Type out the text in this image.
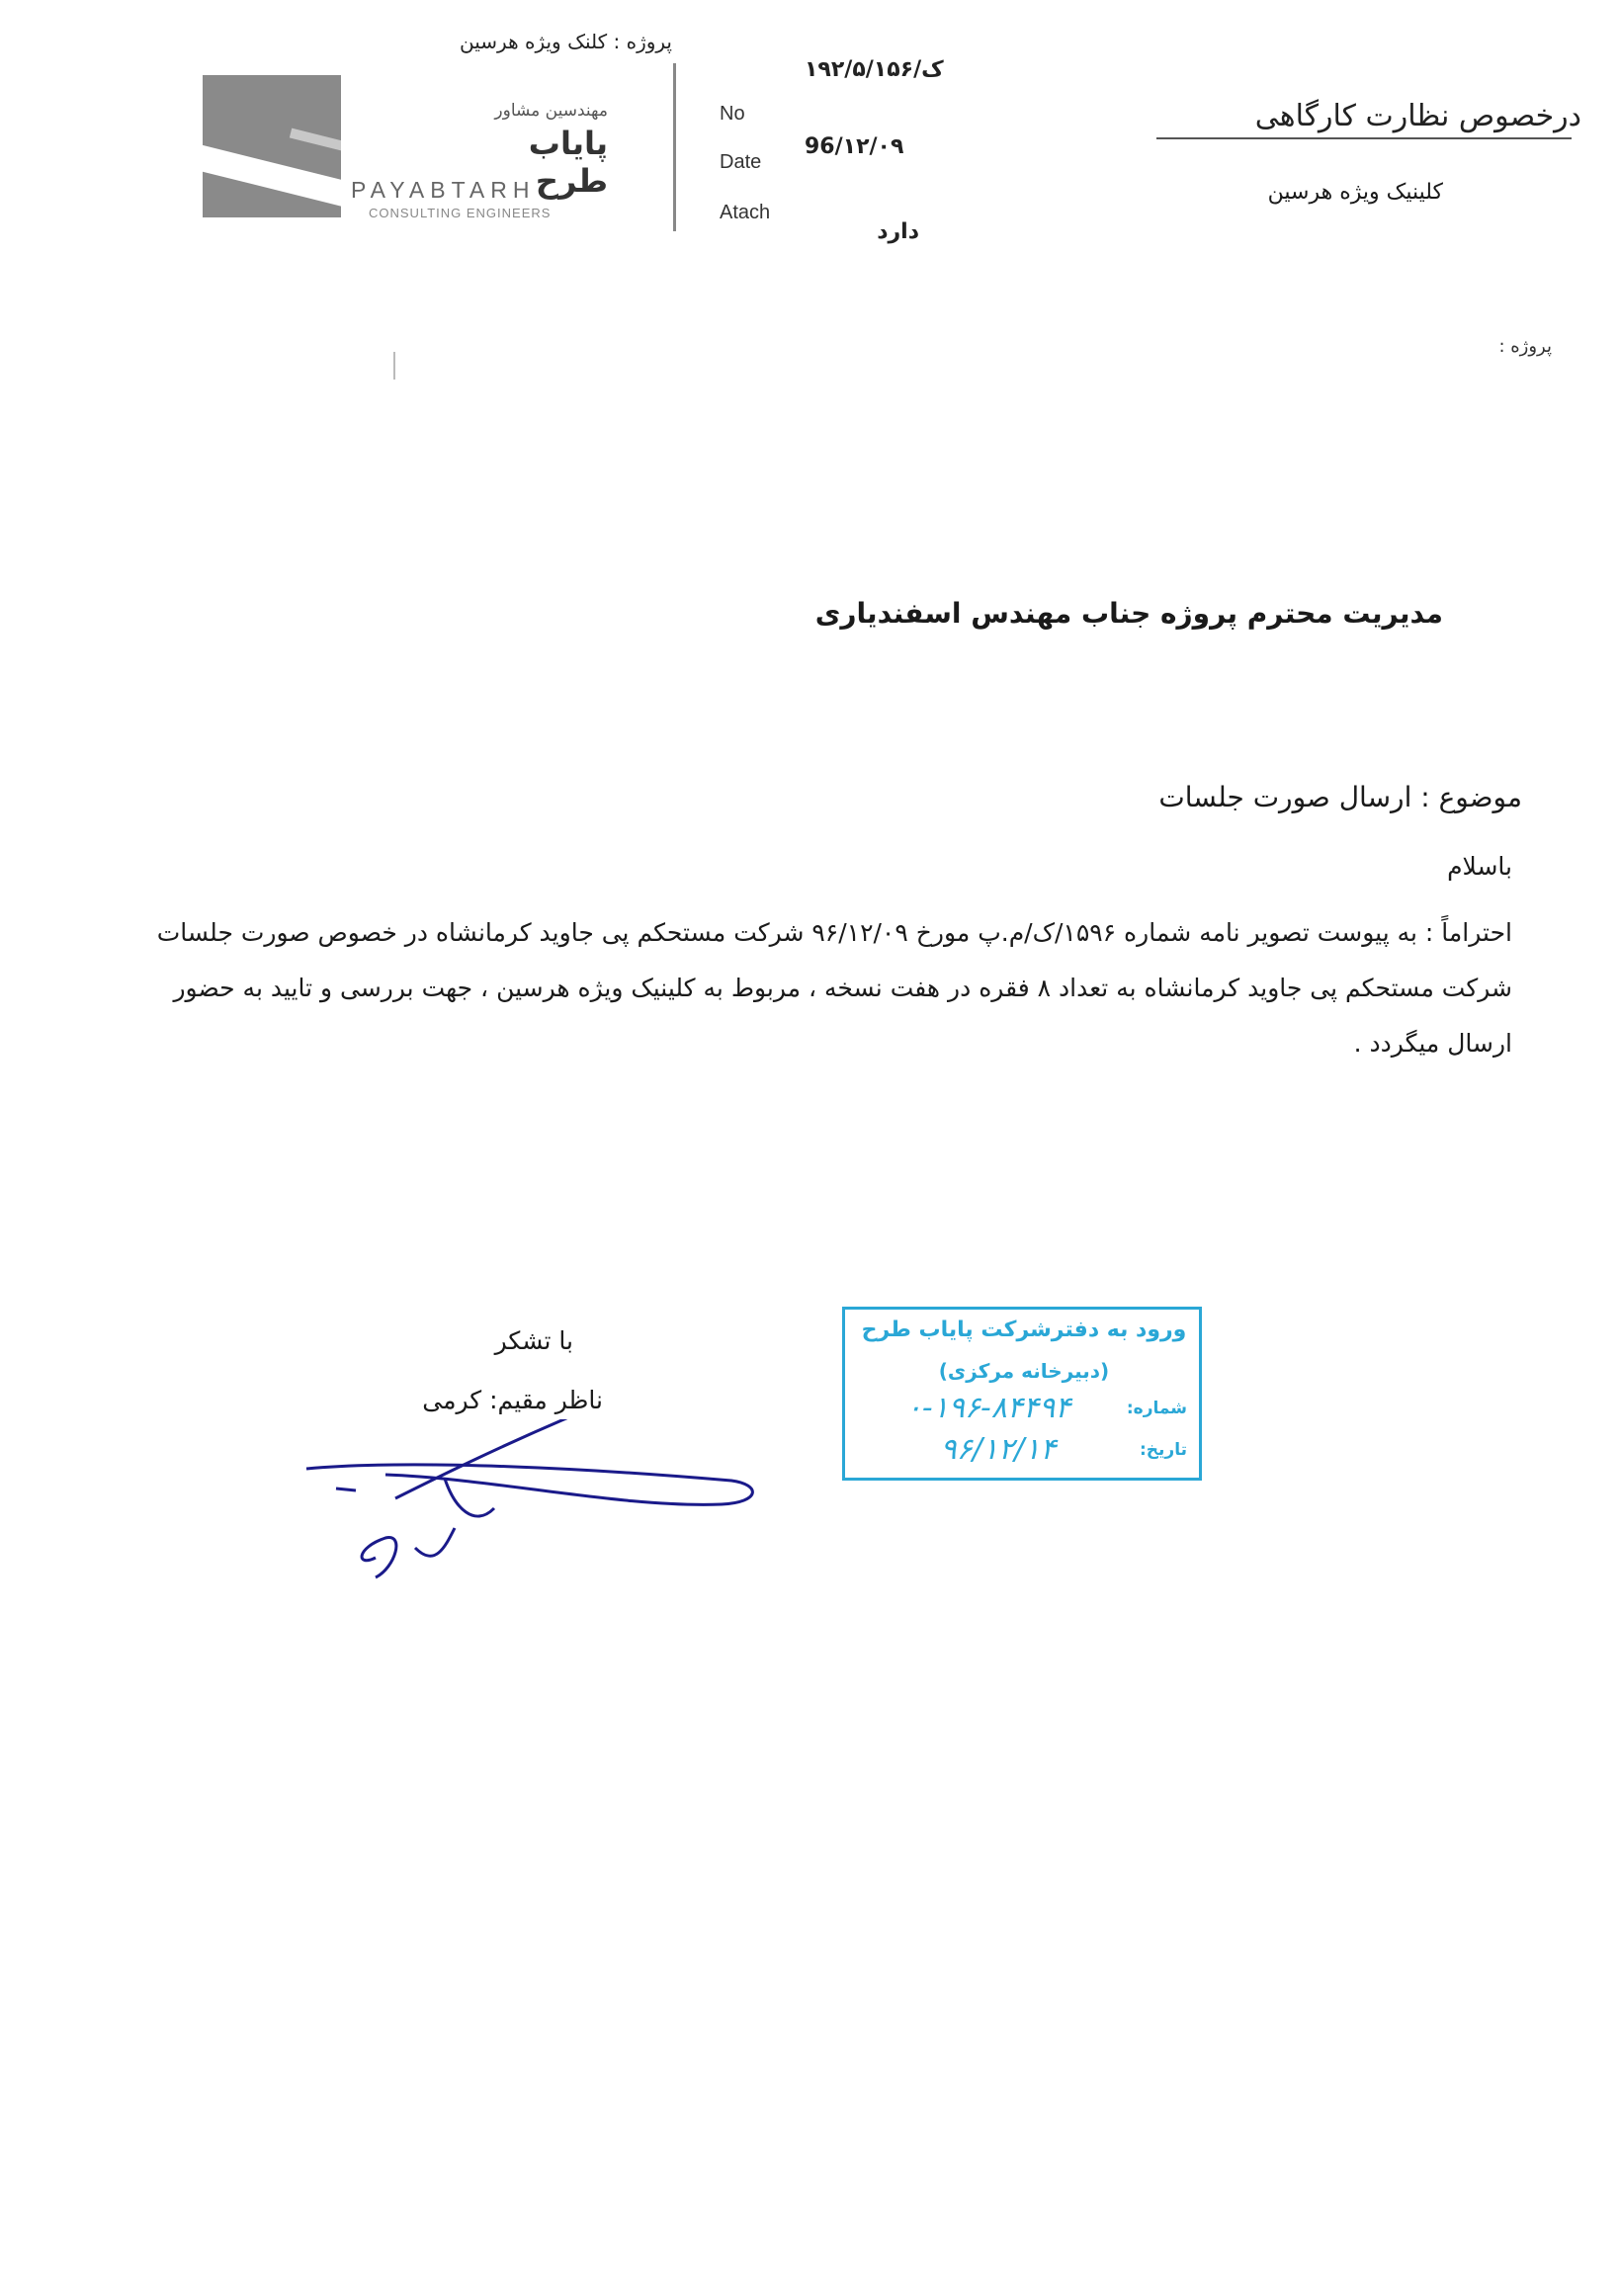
پروژه : کلنک ویژه هرسین
مهندسین مشاور
پایاب طرح
PAYABTARH
CONSULTING ENGINEERS
No
Date
Atach
۱۹۲/۵/ک/۱۵۶
96/۱۲/۰۹
دارد
درخصوص نظارت کارگاهی
کلینیک ویژه هرسین
پروژه :
مدیریت محترم پروژه جناب مهندس اسفندیاری
موضوع : ارسال صورت جلسات
باسلام
احتراماً : به پیوست تصویر نامه شماره ۱۵۹۶/ک/م.پ مورخ ۹۶/۱۲/۰۹ شرکت مستحکم پی جاوید کرمانشاه در خصوص صورت جلسات شرکت مستحکم پی جاوید کرمانشاه به تعداد ۸ فقره در هفت نسخه ، مربوط به کلینیک ویژه هرسین ، جهت بررسی و تایید به حضور ارسال میگردد .
با تشکر
ناظر مقیم: کرمی
ورود به دفترشرکت پایاب طرح
(دبیرخانه مرکزی)
شماره:
تاریخ:
۰-۱۹۶-۸۴۴۹۴
۹۶/۱۲/۱۴
